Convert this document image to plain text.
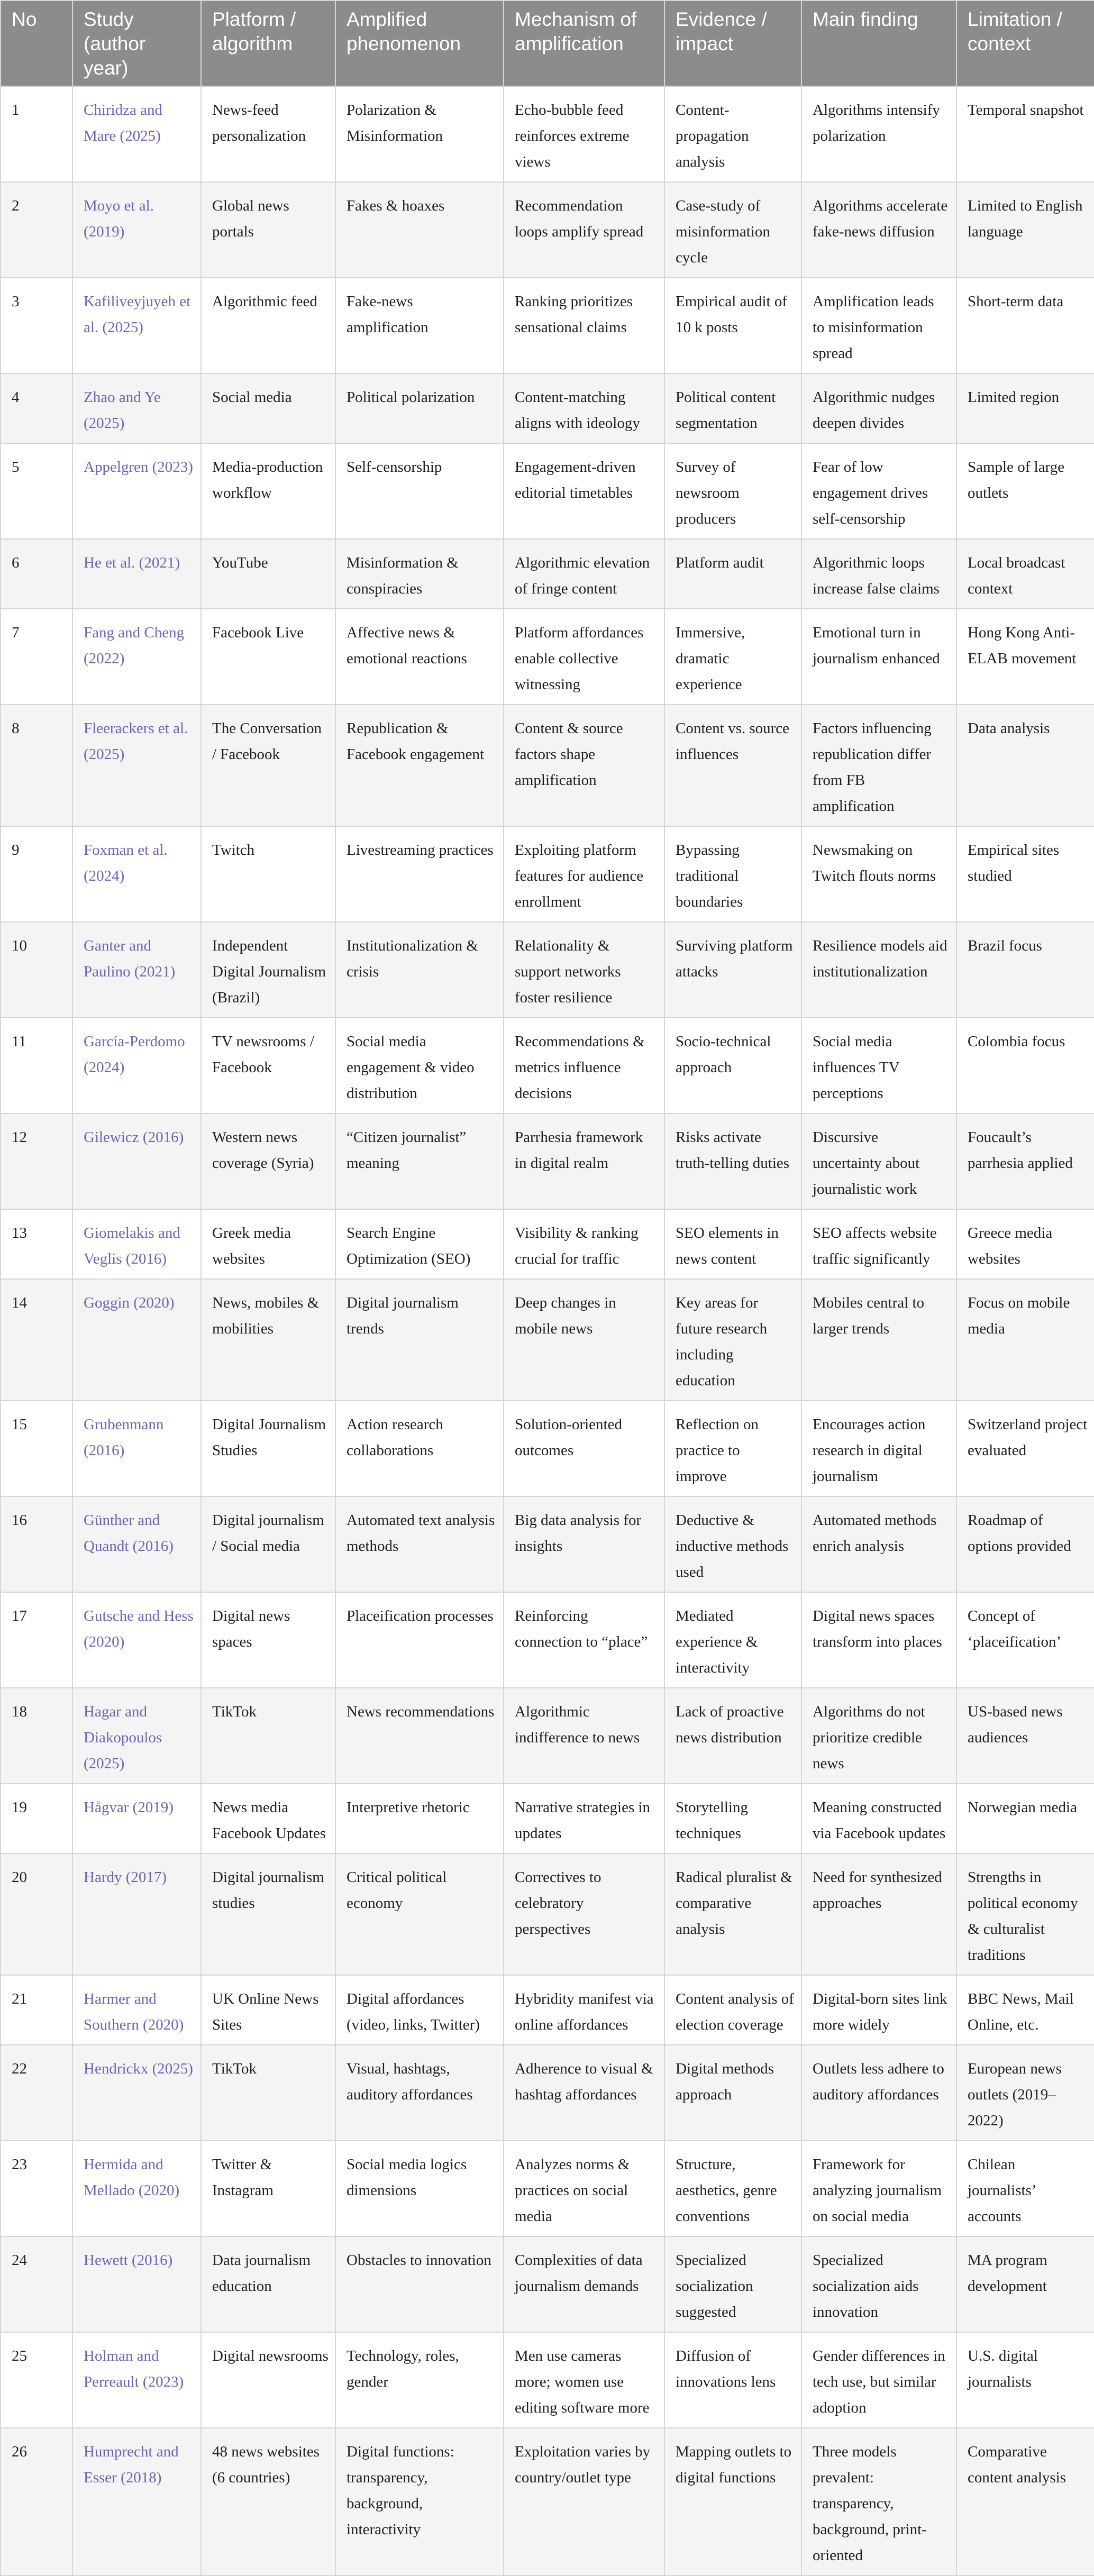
No	Study (author year)	Platform / algorithm	Amplified phenomenon	Mechanism of amplification	Evidence / impact	Main finding	Limitation / context
1	Chiridza and Mare (2025)	News-feed personalization	Polarization & Misinformation	Echo-bubble feed reinforces extreme views	Content-propagation analysis	Algorithms intensify polarization	Temporal snapshot
2	Moyo et al. (2019)	Global news portals	Fakes & hoaxes	Recommendation loops amplify spread	Case-study of misinformation cycle	Algorithms accelerate fake-news diffusion	Limited to English language
3	Kafiliveyjuyeh et al. (2025)	Algorithmic feed	Fake-news amplification	Ranking prioritizes sensational claims	Empirical audit of 10 k posts	Amplification leads to misinformation spread	Short-term data
4	Zhao and Ye (2025)	Social media	Political polarization	Content-matching aligns with ideology	Political content segmentation	Algorithmic nudges deepen divides	Limited region
5	Appelgren (2023)	Media-production workflow	Self-censorship	Engagement-driven editorial timetables	Survey of newsroom producers	Fear of low engagement drives self-censorship	Sample of large outlets
6	He et al. (2021)	YouTube	Misinformation & conspiracies	Algorithmic elevation of fringe content	Platform audit	Algorithmic loops increase false claims	Local broadcast context
7	Fang and Cheng (2022)	Facebook Live	Affective news & emotional reactions	Platform affordances enable collective witnessing	Immersive, dramatic experience	Emotional turn in journalism enhanced	Hong Kong Anti-ELAB movement
8	Fleerackers et al. (2025)	The Conversation / Facebook	Republication & Facebook engagement	Content & source factors shape amplification	Content vs. source influences	Factors influencing republication differ from FB amplification	Data analysis
9	Foxman et al. (2024)	Twitch	Livestreaming practices	Exploiting platform features for audience enrollment	Bypassing traditional boundaries	Newsmaking on Twitch flouts norms	Empirical sites studied
10	Ganter and Paulino (2021)	Independent Digital Journalism (Brazil)	Institutionalization & crisis	Relationality & support networks foster resilience	Surviving platform attacks	Resilience models aid institutionalization	Brazil focus
11	García-Perdomo (2024)	TV newsrooms / Facebook	Social media engagement & video distribution	Recommendations & metrics influence decisions	Socio-technical approach	Social media influences TV perceptions	Colombia focus
12	Gilewicz (2016)	Western news coverage (Syria)	“Citizen journalist” meaning	Parrhesia framework in digital realm	Risks activate truth-telling duties	Discursive uncertainty about journalistic work	Foucault’s parrhesia applied
13	Giomelakis and Veglis (2016)	Greek media websites	Search Engine Optimization (SEO)	Visibility & ranking crucial for traffic	SEO elements in news content	SEO affects website traffic significantly	Greece media websites
14	Goggin (2020)	News, mobiles & mobilities	Digital journalism trends	Deep changes in mobile news	Key areas for future research including education	Mobiles central to larger trends	Focus on mobile media
15	Grubenmann (2016)	Digital Journalism Studies	Action research collaborations	Solution-oriented outcomes	Reflection on practice to improve	Encourages action research in digital journalism	Switzerland project evaluated
16	Günther and Quandt (2016)	Digital journalism / Social media	Automated text analysis methods	Big data analysis for insights	Deductive & inductive methods used	Automated methods enrich analysis	Roadmap of options provided
17	Gutsche and Hess (2020)	Digital news spaces	Placeification processes	Reinforcing connection to “place”	Mediated experience & interactivity	Digital news spaces transform into places	Concept of ‘placeification’
18	Hagar and Diakopoulos (2025)	TikTok	News recommendations	Algorithmic indifference to news	Lack of proactive news distribution	Algorithms do not prioritize credible news	US-based news audiences
19	Hågvar (2019)	News media Facebook Updates	Interpretive rhetoric	Narrative strategies in updates	Storytelling techniques	Meaning constructed via Facebook updates	Norwegian media
20	Hardy (2017)	Digital journalism studies	Critical political economy	Correctives to celebratory perspectives	Radical pluralist & comparative analysis	Need for synthesized approaches	Strengths in political economy & culturalist traditions
21	Harmer and Southern (2020)	UK Online News Sites	Digital affordances (video, links, Twitter)	Hybridity manifest via online affordances	Content analysis of election coverage	Digital-born sites link more widely	BBC News, Mail Online, etc.
22	Hendrickx (2025)	TikTok	Visual, hashtags, auditory affordances	Adherence to visual & hashtag affordances	Digital methods approach	Outlets less adhere to auditory affordances	European news outlets (2019–2022)
23	Hermida and Mellado (2020)	Twitter & Instagram	Social media logics dimensions	Analyzes norms & practices on social media	Structure, aesthetics, genre conventions	Framework for analyzing journalism on social media	Chilean journalists’ accounts
24	Hewett (2016)	Data journalism education	Obstacles to innovation	Complexities of data journalism demands	Specialized socialization suggested	Specialized socialization aids innovation	MA program development
25	Holman and Perreault (2023)	Digital newsrooms	Technology, roles, gender	Men use cameras more; women use editing software more	Diffusion of innovations lens	Gender differences in tech use, but similar adoption	U.S. digital journalists
26	Humprecht and Esser (2018)	48 news websites (6 countries)	Digital functions: transparency, background, interactivity	Exploitation varies by country/outlet type	Mapping outlets to digital functions	Three models prevalent: transparency, background, print-oriented	Comparative content analysis
